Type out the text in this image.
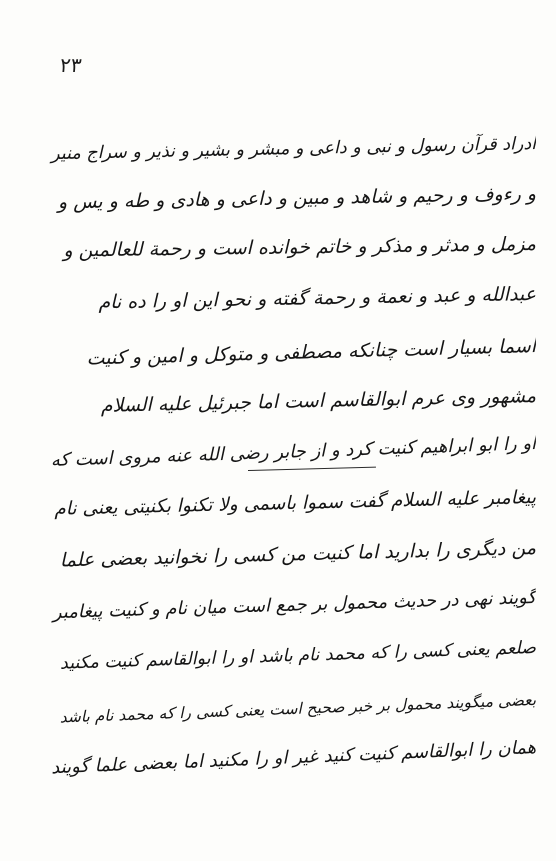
۲۳
ادراد قرآن رسول و نبی و داعی و مبشر و بشیر و نذیر و سراج منیر
و رءوف و رحیم و شاهد و مبین و داعی و هادی و طه و یس و
مزمل و مدثر و مذکر و خاتم خوانده است و رحمة للعالمین و
عبدالله و عبد و نعمة و رحمة گفته و نحو این او را ده نام
اسما بسیار است چنانکه مصطفی و متوکل و امین و کنیت
مشهور وی عرم ابوالقاسم است اما جبرئیل علیه السلام
او را ابو ابراهیم کنیت کرد و از جابر رضی الله عنه مروی است که
پیغامبر علیه السلام گفت سموا باسمی ولا تکنوا بکنیتی یعنی نام
من دیگری را بدارید اما کنیت من کسی را نخوانید بعضی علما
گویند نهی در حدیث محمول بر جمع است میان نام و کنیت پیغامبر
صلعم یعنی کسی را که محمد نام باشد او را ابوالقاسم کنیت مکنید
بعضی میگویند محمول بر خبر صحیح است یعنی کسی را که محمد نام باشد
همان را ابوالقاسم کنیت کنید غیر او را مکنید اما بعضی علما گویند
